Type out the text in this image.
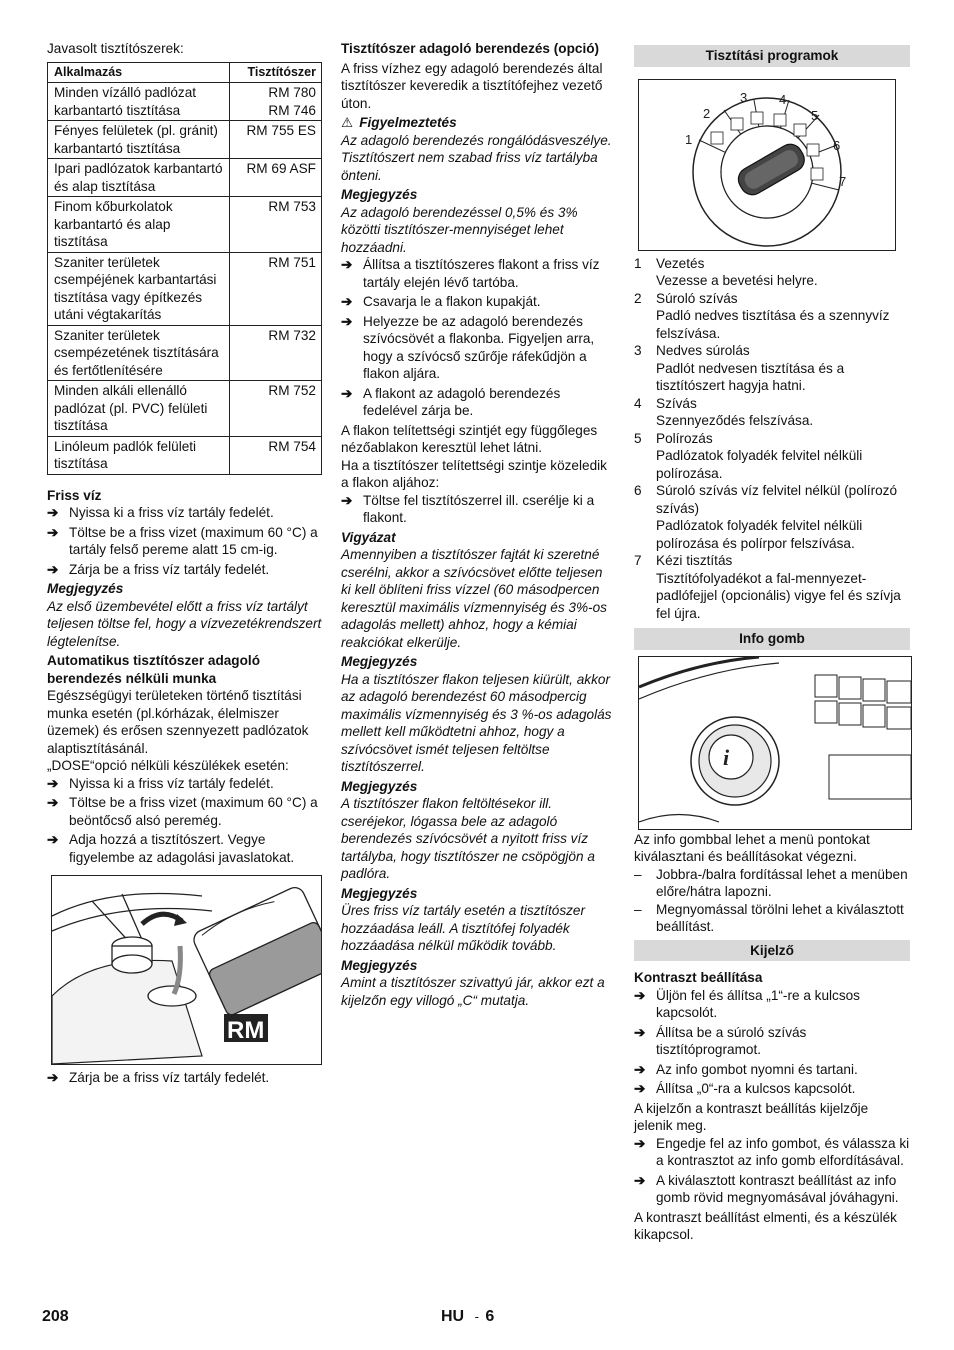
Javasolt tisztítószerek:

Alkalmazás	Tisztítószer
Minden vízálló padlózat karbantartó tisztítása	RM 780
RM 746
Fényes felületek (pl. gránit) karbantartó tisztítása	RM 755 ES
Ipari padlózatok karbantartó és alap tisztítása	RM 69 ASF
Finom kőburkolatok karbantartó és alap tisztítása	RM 753
Szaniter területek csempéjének karbantartási tisztítása vagy építkezés utáni végtakarítás	RM 751
Szaniter területek csempézetének tisztítására és fertőtlenítésére	RM 732
Minden alkáli ellenálló padlózat (pl. PVC) felületi tisztítása	RM 752
Linóleum padlók felületi tisztítása	RM 754

Friss víz

➔ Nyissa ki a friss víz tartály fedelét.
➔ Töltse be a friss vizet (maximum 60 °C) a tartály felső pereme alatt 15 cm-ig.
➔ Zárja be a friss víz tartály fedelét.

Megjegyzés

Az első üzembevétel előtt a friss víz tartályt teljesen töltse fel, hogy a vízvezetékrendszert légtelenítse.

Automatikus tisztítószer adagoló berendezés nélküli munka

Egészségügyi területeken történő tisztítási munka esetén (pl.kórházak, élelmiszer üzemek) és erősen szennyezett padlózatok alaptisztításánál.

„DOSE“opció nélküli készülékek esetén:

➔ Nyissa ki a friss víz tartály fedelét.
➔ Töltse be a friss vizet (maximum 60 °C) a beöntőcső alsó peremég.
➔ Adja hozzá a tisztítószert. Vegye figyelembe az adagolási javaslatokat.
RM
➔ Zárja be a friss víz tartály fedelét.

Tisztítószer adagoló berendezés (opció)

A friss vízhez egy adagoló berendezés által tisztítószer keveredik a tisztítófejhez vezető úton.

⚠ Figyelmeztetés

Az adagoló berendezés rongálódásveszélye. Tisztítószert nem szabad friss víz tartályba önteni.

Megjegyzés

Az adagoló berendezéssel 0,5% és 3% közötti tisztítószer-mennyiséget lehet hozzáadni.

➔ Állítsa a tisztítószeres flakont a friss víz tartály elején lévő tartóba.
➔ Csavarja le a flakon kupakját.
➔ Helyezze be az adagoló berendezés szívócsövét a flakonba. Figyeljen arra, hogy a szívócső szűrője ráfekűdjön a flakon aljára.
➔ A flakont az adagoló berendezés fedelével zárja be.

A flakon telítettségi szintjét egy függőleges nézőablakon keresztül lehet látni.

Ha a tisztítószer telítettségi szintje közeledik a flakon aljához:

➔ Töltse fel tisztítószerrel ill. cserélje ki a flakont.

Vigyázat

Amennyiben a tisztítószer fajtát ki szeretné cserélni, akkor a szívócsövet előtte teljesen ki kell öblíteni friss vízzel (60 másodpercen keresztül maximális vízmennyiség és 3%-os adagolás mellett) ahhoz, hogy a kémiai reakciókat elkerülje.

Megjegyzés

Ha a tisztítószer flakon teljesen kiürült, akkor az adagoló berendezést 60 másodpercig maximális vízmennyiség és 3 %-os adagolás mellett kell működtetni ahhoz, hogy a szívócsövet ismét teljesen feltöltse tisztítószerrel.

Megjegyzés

A tisztítószer flakon feltöltésekor ill. cseréjekor, lógassa bele az adagoló berendezés szívócsövét a nyitott friss víz tartályba, hogy tisztítószer ne csöpögjön a padlóra.

Megjegyzés

Üres friss víz tartály esetén a tisztítószer hozzáadása leáll. A tisztítófej folyadék hozzáadása nélkül működik tovább.

Megjegyzés

Amint a tisztítószer szivattyú jár, akkor ezt a kijelzőn egy villogó „C“ mutatja.

Tisztítási programok
1
2
3 4
5
6
7
1	Vezetés
Vezesse a bevetési helyre.
2	Súroló szívás
Padló nedves tisztítása és a szennyvíz felszívása.
3	Nedves súrolás
Padlót nedvesen tisztítása és a tisztítószert hagyja hatni.
4	Szívás
Szennyeződés felszívása.
5	Polírozás
Padlózatok folyadék felvitel nélküli polírozása.
6	Súroló szívás víz felvitel nélkül (polírozó szívás)
Padlózatok folyadék felvitel nélküli polírozása és polírpor felszívása.
7	Kézi tisztítás
Tisztítófolyadékot a fal-mennyezet-padlófejjel (opcionális) vigye fel és szívja fel újra.
Info gomb
i

Az info gombbal lehet a menü pontokat kiválasztani és beállításokat végezni.

–	Jobbra-/balra fordítással lehet a menüben előre/hátra lapozni.
–	Megnyomással törölni lehet a kiválasztott beállítást.
Kijelző

Kontraszt beállítása

➔ Üljön fel és állítsa „1“-re a kulcsos kapcsolót.
➔ Állítsa be a súroló szívás tisztítóprogramot.
➔ Az info gombot nyomni és tartani.
➔ Állítsa „0“-ra a kulcsos kapcsolót.

A kijelzőn a kontraszt beállítás kijelzője jelenik meg.

➔ Engedje fel az info gombot, és válassza ki a kontrasztot az info gomb elfordításával.
➔ A kiválasztott kontraszt beállítást az info gomb rövid megnyomásával jóváhagyni.

A kontraszt beállítást elmenti, és a készülék kikapcsol.

208	HU - 6
